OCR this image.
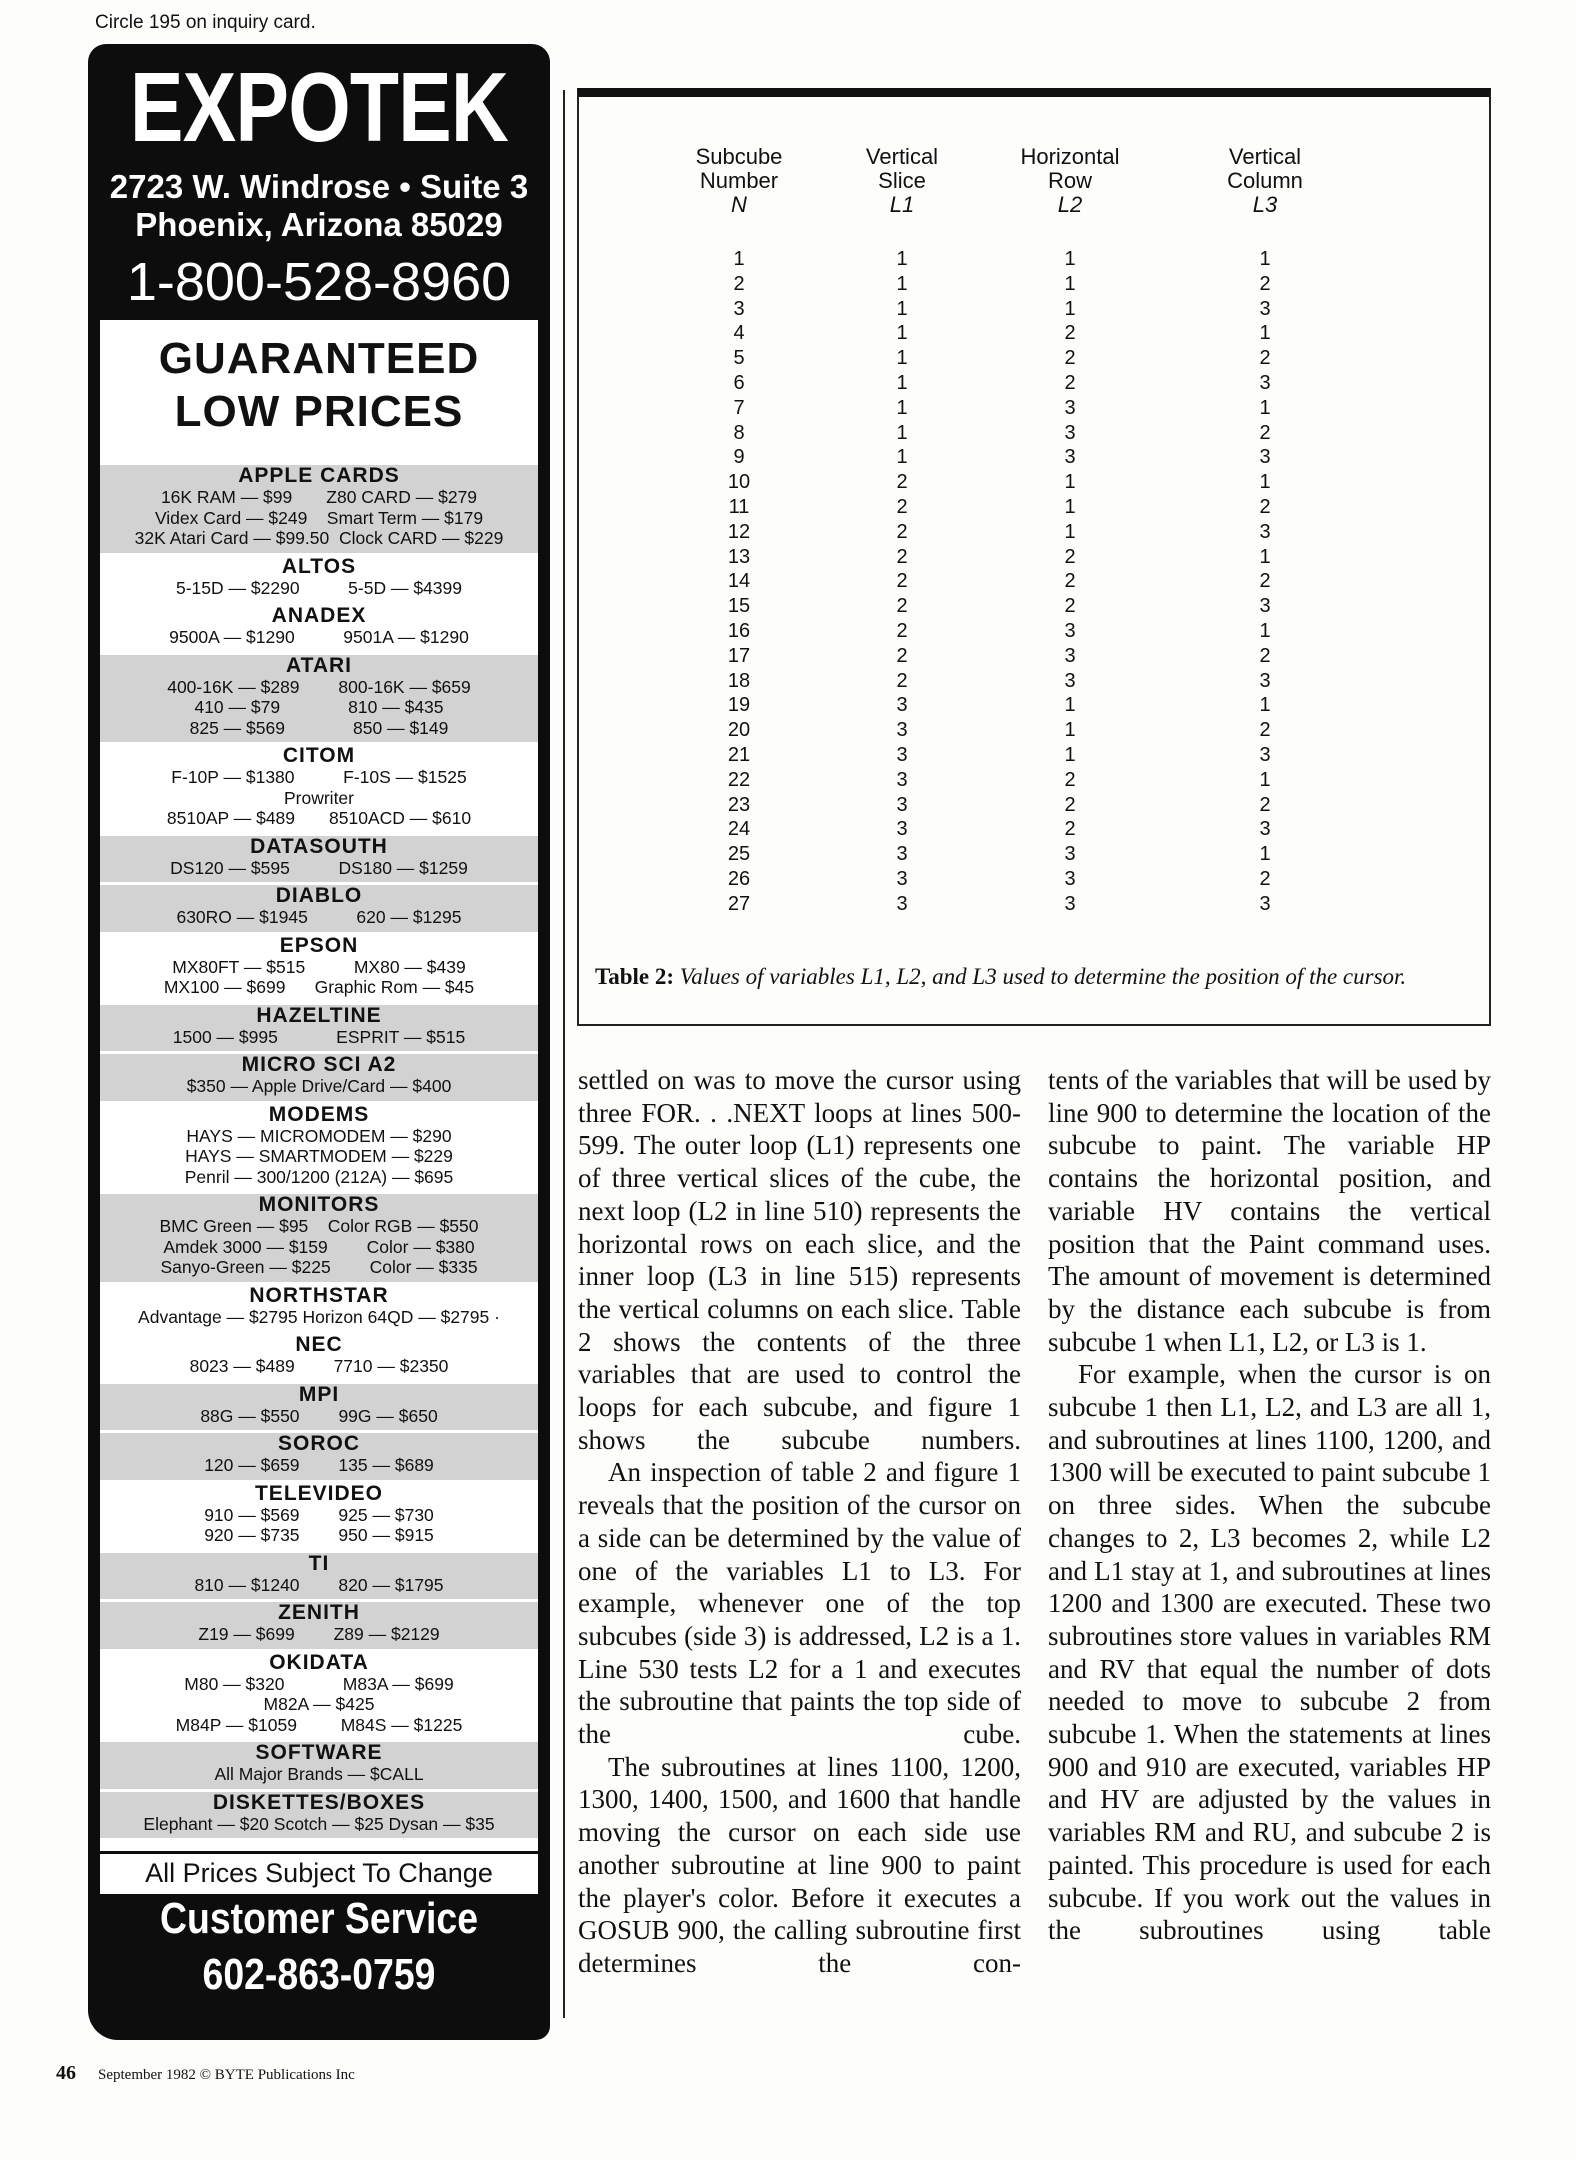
Circle 195 on inquiry card.
EXPOTEK
2723 W. Windrose • Suite 3
Phoenix, Arizona 85029
1-800-528-8960
GUARANTEED
LOW PRICES
APPLE CARDS
16K RAM — $99       Z80 CARD — $279
Videx Card — $249    Smart Term — $179
32K Atari Card — $99.50  Clock CARD — $229
ALTOS
5-15D — $2290          5-5D — $4399
ANADEX
9500A — $1290          9501A — $1290
ATARI
400-16K — $289        800-16K — $659
410 — $79              810 — $435
825 — $569              850 — $149
CITOM
F-10P — $1380          F-10S — $1525
Prowriter
8510AP — $489       8510ACD — $610
DATASOUTH
DS120 — $595          DS180 — $1259
DIABLO
630RO — $1945          620 — $1295
EPSON
MX80FT — $515          MX80 — $439
MX100 — $699      Graphic Rom — $45
HAZELTINE
1500 — $995            ESPRIT — $515
MICRO SCI A2
$350 — Apple Drive/Card — $400
MODEMS
HAYS — MICROMODEM — $290
HAYS — SMARTMODEM — $229
Penril — 300/1200 (212A) — $695
MONITORS
BMC Green — $95    Color RGB — $550
Amdek 3000 — $159        Color — $380
Sanyo-Green — $225        Color — $335
NORTHSTAR
Advantage — $2795 Horizon 64QD — $2795 ·
NEC
8023 — $489        7710 — $2350
MPI
88G — $550        99G — $650
SOROC
120 — $659        135 — $689
TELEVIDEO
910 — $569        925 — $730
920 — $735        950 — $915
TI
810 — $1240        820 — $1795
ZENITH
Z19 — $699        Z89 — $2129
OKIDATA
M80 — $320            M83A — $699
M82A — $425
M84P — $1059         M84S — $1225
SOFTWARE
All Major Brands — $CALL
DISKETTES/BOXES
Elephant — $20 Scotch — $25 Dysan — $35
All Prices Subject To Change
Customer Service
602-863-0759
46 September 1982 © BYTE Publications Inc
Subcube
Number
N
Vertical
Slice
L1
Horizontal
Row
L2
Vertical
Column
L3
1
2
3
4
5
6
7
8
9
10
11
12
13
14
15
16
17
18
19
20
21
22
23
24
25
26
27
1
1
1
1
1
1
1
1
1
2
2
2
2
2
2
2
2
2
3
3
3
3
3
3
3
3
3
1
1
1
2
2
2
3
3
3
1
1
1
2
2
2
3
3
3
1
1
1
2
2
2
3
3
3
1
2
3
1
2
3
1
2
3
1
2
3
1
2
3
1
2
3
1
2
3
1
2
3
1
2
3
Table 2: Values of variables L1, L2, and L3 used to determine the position of the cursor.

settled on was to move the cursor using three FOR. . .NEXT loops at lines 500-599. The outer loop (L1) represents one of three vertical slices of the cube, the next loop (L2 in line 510) represents the horizontal rows on each slice, and the inner loop (L3 in line 515) represents the vertical columns on each slice. Table 2 shows the contents of the three variables that are used to control the loops for each subcube, and figure 1 shows the subcube numbers.

An inspection of table 2 and figure 1 reveals that the position of the cursor on a side can be determined by the value of one of the variables L1 to L3. For example, whenever one of the top subcubes (side 3) is addressed, L2 is a 1. Line 530 tests L2 for a 1 and executes the subroutine that paints the top side of the cube.

The subroutines at lines 1100, 1200, 1300, 1400, 1500, and 1600 that handle moving the cursor on each side use another subroutine at line 900 to paint the player's color. Before it executes a GOSUB 900, the calling subroutine first determines the con-

tents of the variables that will be used by line 900 to determine the location of the subcube to paint. The variable HP contains the horizontal position, and variable HV contains the vertical position that the Paint command uses. The amount of movement is determined by the distance each subcube is from subcube 1 when L1, L2, or L3 is 1.

For example, when the cursor is on subcube 1 then L1, L2, and L3 are all 1, and subroutines at lines 1100, 1200, and 1300 will be executed to paint subcube 1 on three sides. When the subcube changes to 2, L3 becomes 2, while L2 and L1 stay at 1, and subroutines at lines 1200 and 1300 are executed. These two subroutines store values in variables RM and RV that equal the number of dots needed to move to subcube 2 from subcube 1. When the statements at lines 900 and 910 are executed, variables HP and HV are adjusted by the values in variables RM and RU, and subcube 2 is painted. This procedure is used for each subcube. If you work out the values in the subroutines using table
